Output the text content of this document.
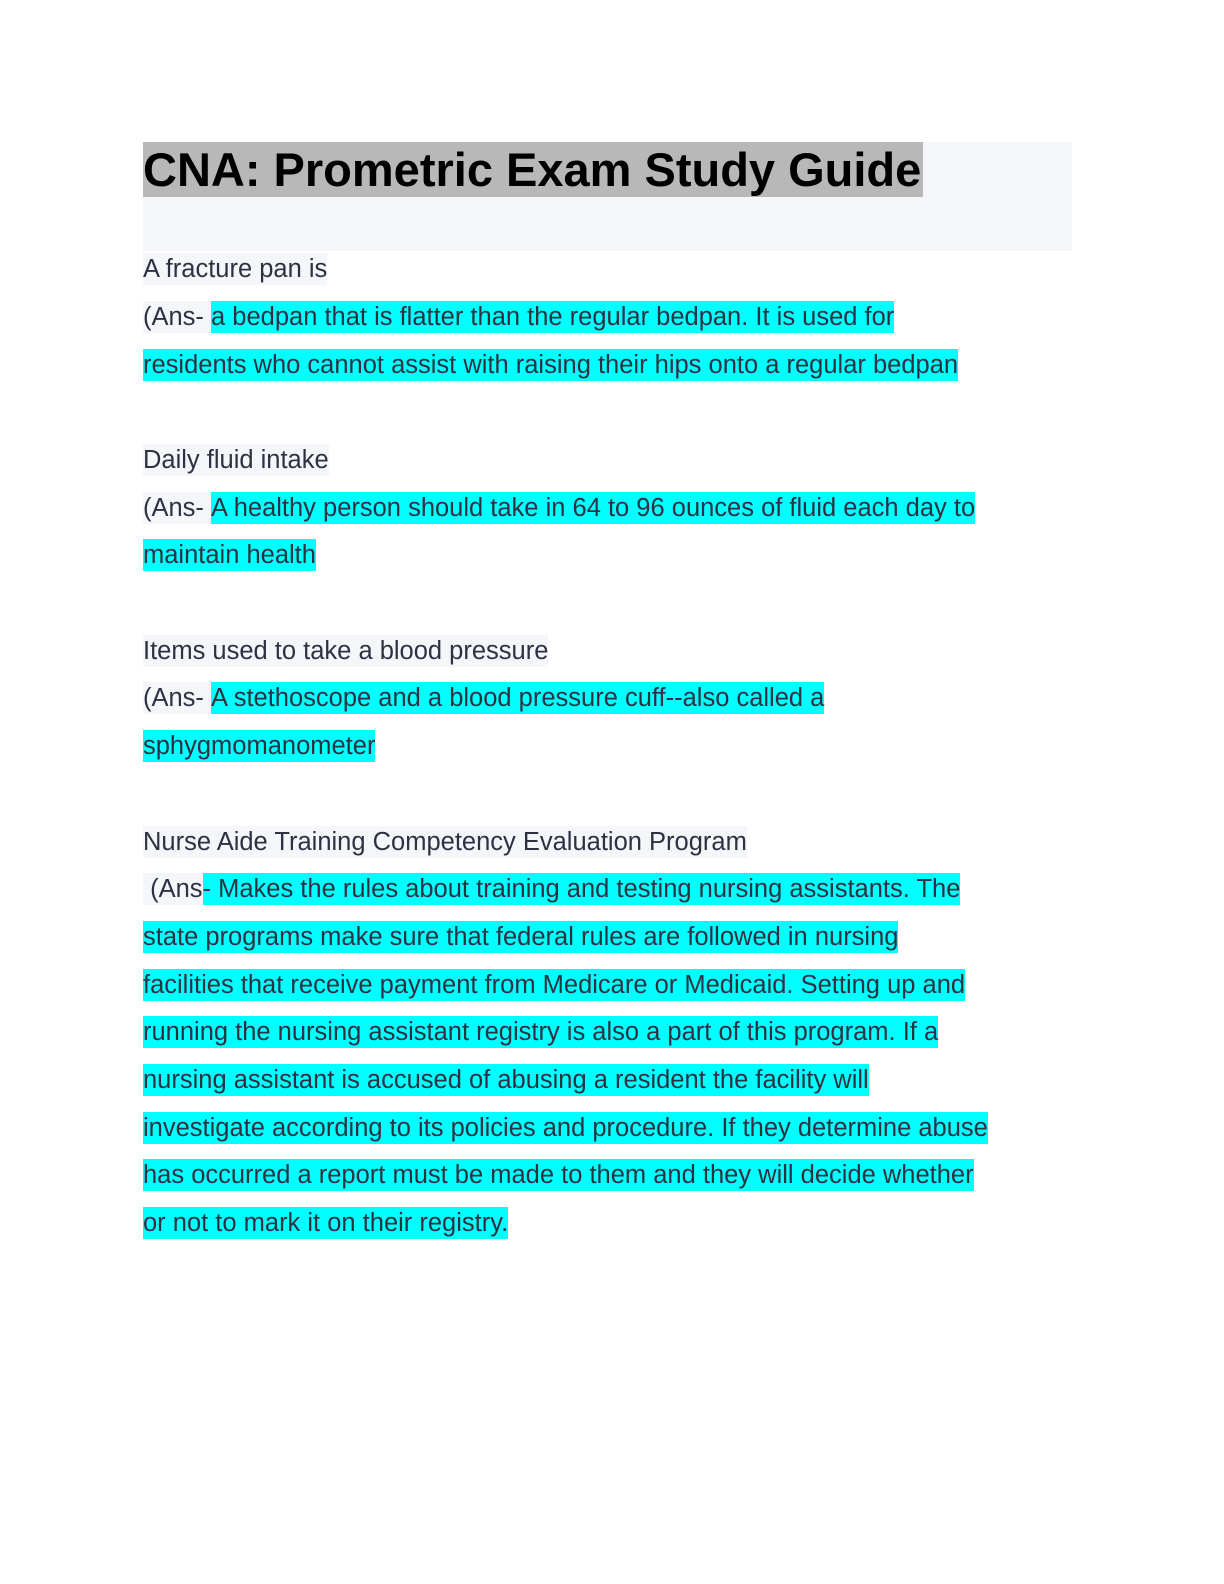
CNA: Prometric Exam Study Guide
A fracture pan is
(Ans- a bedpan that is flatter than the regular bedpan. It is used for
residents who cannot assist with raising their hips onto a regular bedpan
Daily fluid intake
(Ans- A healthy person should take in 64 to 96 ounces of fluid each day to
maintain health
Items used to take a blood pressure
(Ans- A stethoscope and a blood pressure cuff--also called a
sphygmomanometer
Nurse Aide Training Competency Evaluation Program
(Ans- Makes the rules about training and testing nursing assistants. The
state programs make sure that federal rules are followed in nursing
facilities that receive payment from Medicare or Medicaid. Setting up and
running the nursing assistant registry is also a part of this program. If a
nursing assistant is accused of abusing a resident the facility will
investigate according to its policies and procedure. If they determine abuse
has occurred a report must be made to them and they will decide whether
or not to mark it on their registry.
